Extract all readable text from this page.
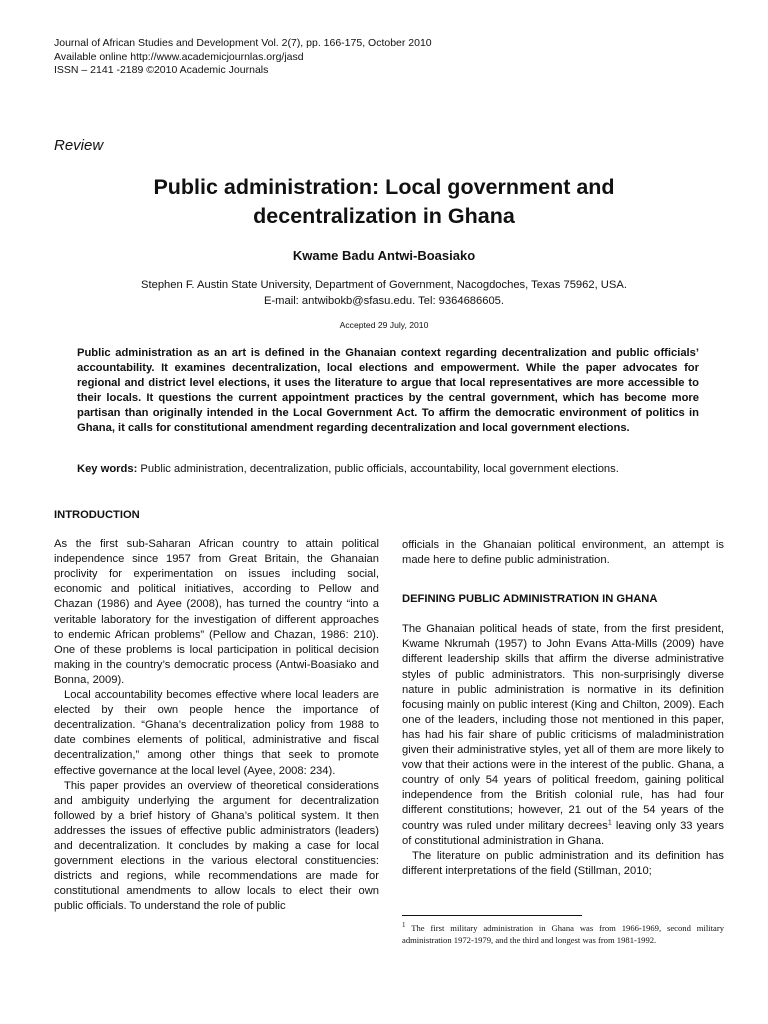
Journal of African Studies and Development Vol. 2(7), pp. 166-175, October 2010
Available online http://www.academicjournlas.org/jasd
ISSN – 2141 -2189 ©2010 Academic Journals
Review
Public administration: Local government and
decentralization in Ghana
Kwame Badu Antwi-Boasiako
Stephen F. Austin State University, Department of Government, Nacogdoches, Texas 75962, USA.
E-mail: antwibokb@sfasu.edu. Tel: 9364686605.
Accepted 29 July, 2010

Public administration as an art is defined in the Ghanaian context regarding decentralization and public officials’ accountability. It examines decentralization, local elections and empowerment. While the paper advocates for regional and district level elections, it uses the literature to argue that local representatives are more accessible to their locals. It questions the current appointment practices by the central government, which has become more partisan than originally intended in the Local Government Act. To affirm the democratic environment of politics in Ghana, it calls for constitutional amendment regarding decentralization and local government elections.

Key words: Public administration, decentralization, public officials, accountability, local government elections.

INTRODUCTION

As the first sub-Saharan African country to attain political independence since 1957 from Great Britain, the Ghanaian proclivity for experimentation on issues including social, economic and political initiatives, according to Pellow and Chazan (1986) and Ayee (2008), has turned the country “into a veritable laboratory for the investigation of different approaches to endemic African problems” (Pellow and Chazan, 1986: 210). One of these problems is local participation in political decision making in the country’s democratic process (Antwi-Boasiako and Bonna, 2009).

Local accountability becomes effective where local leaders are elected by their own people hence the importance of decentralization. “Ghana’s decentralization policy from 1988 to date combines elements of political, administrative and fiscal decentralization,” among other things that seek to promote effective governance at the local level (Ayee, 2008: 234).

This paper provides an overview of theoretical considerations and ambiguity underlying the argument for decentralization followed by a brief history of Ghana’s political system. It then addresses the issues of effective public administrators (leaders) and decentralization. It concludes by making a case for local government elections in the various electoral constituencies: districts and regions, while recommendations are made for constitutional amendments to allow locals to elect their own public officials. To understand the role of public

officials in the Ghanaian political environment, an attempt is made here to define public administration.

DEFINING PUBLIC ADMINISTRATION IN GHANA

The Ghanaian political heads of state, from the first president, Kwame Nkrumah (1957) to John Evans Atta-Mills (2009) have different leadership skills that affirm the diverse administrative styles of public administrators. This non-surprisingly diverse nature in public administration is normative in its definition focusing mainly on public interest (King and Chilton, 2009). Each one of the leaders, including those not mentioned in this paper, has had his fair share of public criticisms of maladministration given their administrative styles, yet all of them are more likely to vow that their actions were in the interest of the public. Ghana, a country of only 54 years of political freedom, gaining political independence from the British colonial rule, has had four different constitutions; however, 21 out of the 54 years of the country was ruled under military decrees$^1$ leaving only 33 years of constitutional administration in Ghana.

The literature on public administration and its definition has different interpretations of the field (Stillman, 2010;

$^1$ The first military administration in Ghana was from 1966-1969, second military administration 1972-1979, and the third and longest was from 1981-1992.
